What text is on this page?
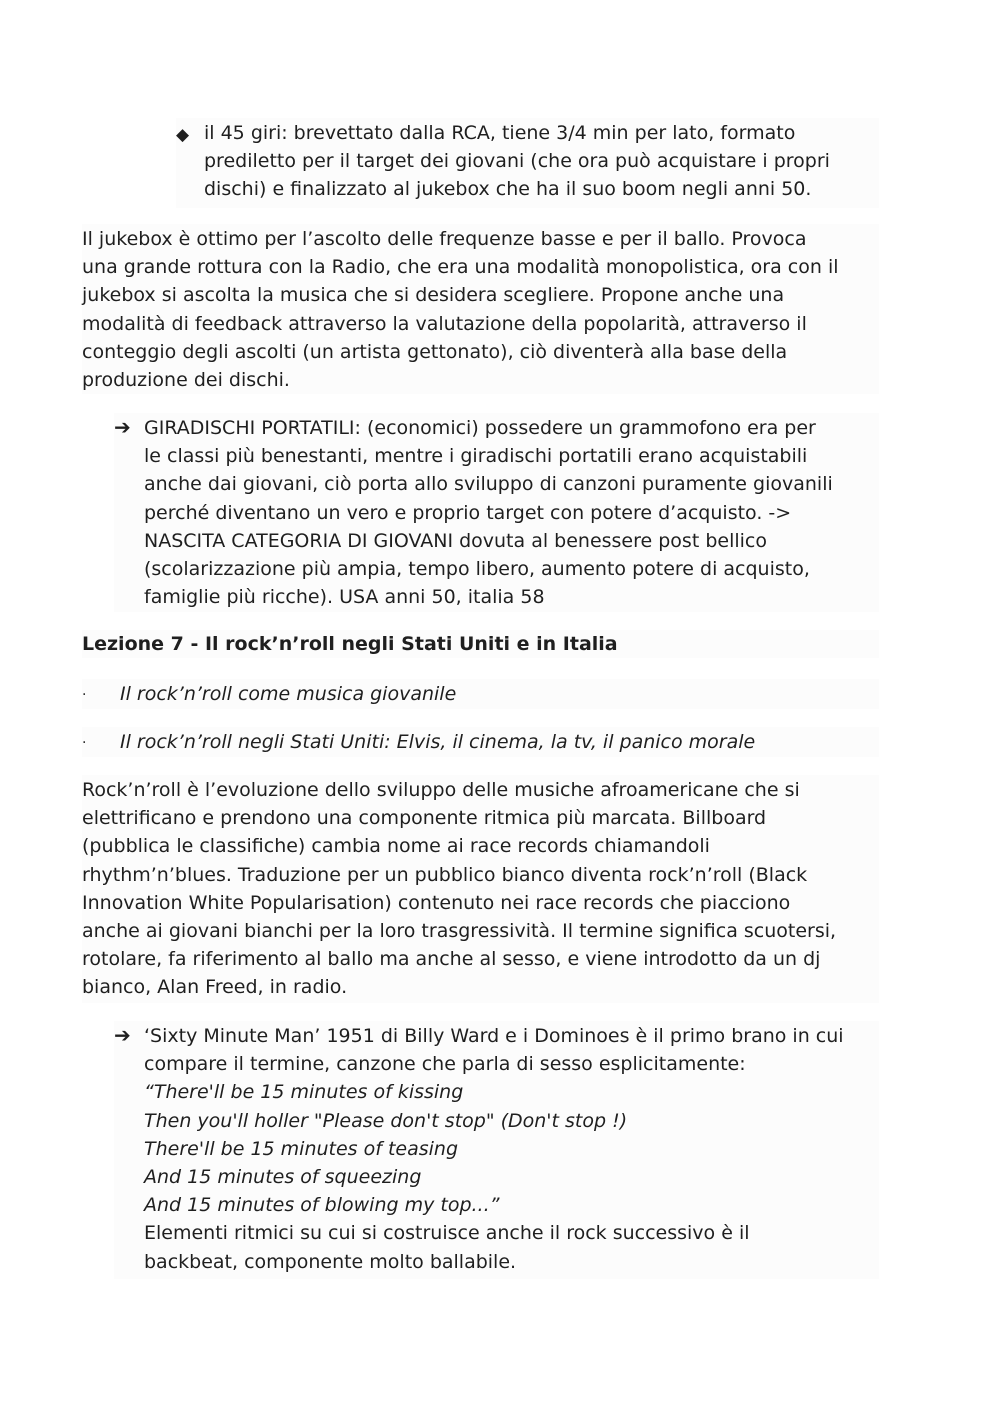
◆ il 45 giri: brevettato dalla RCA, tiene 3/4 min per lato, formato
prediletto per il target dei giovani (che ora può acquistare i propri
dischi) e finalizzato al jukebox che ha il suo boom negli anni 50.
Il jukebox è ottimo per l’ascolto delle frequenze basse e per il ballo. Provoca
una grande rottura con la Radio, che era una modalità monopolistica, ora con il
jukebox si ascolta la musica che si desidera scegliere. Propone anche una
modalità di feedback attraverso la valutazione della popolarità, attraverso il
conteggio degli ascolti (un artista gettonato), ciò diventerà alla base della
produzione dei dischi.
➔ GIRADISCHI PORTATILI: (economici) possedere un grammofono era per
le classi più benestanti, mentre i giradischi portatili erano acquistabili
anche dai giovani, ciò porta allo sviluppo di canzoni puramente giovanili
perché diventano un vero e proprio target con potere d’acquisto. ->
NASCITA CATEGORIA DI GIOVANI dovuta al benessere post bellico
(scolarizzazione più ampia, tempo libero, aumento potere di acquisto,
famiglie più ricche). USA anni 50, italia 58
Lezione 7 - Il rock’n’roll negli Stati Uniti e in Italia
· Il rock’n’roll come musica giovanile
· Il rock’n’roll negli Stati Uniti: Elvis, il cinema, la tv, il panico morale
Rock’n’roll è l’evoluzione dello sviluppo delle musiche afroamericane che si
elettrificano e prendono una componente ritmica più marcata. Billboard
(pubblica le classifiche) cambia nome ai race records chiamandoli
rhythm’n’blues. Traduzione per un pubblico bianco diventa rock’n’roll (Black
Innovation White Popularisation) contenuto nei race records che piacciono
anche ai giovani bianchi per la loro trasgressività. Il termine significa scuotersi,
rotolare, fa riferimento al ballo ma anche al sesso, e viene introdotto da un dj
bianco, Alan Freed, in radio.
➔ ‘Sixty Minute Man’ 1951 di Billy Ward e i Dominoes è il primo brano in cui
compare il termine, canzone che parla di sesso esplicitamente:
“There'll be 15 minutes of kissing
Then you'll holler "Please don't stop" (Don't stop !)
There'll be 15 minutes of teasing
And 15 minutes of squeezing
And 15 minutes of blowing my top...”
Elementi ritmici su cui si costruisce anche il rock successivo è il
backbeat, componente molto ballabile.
